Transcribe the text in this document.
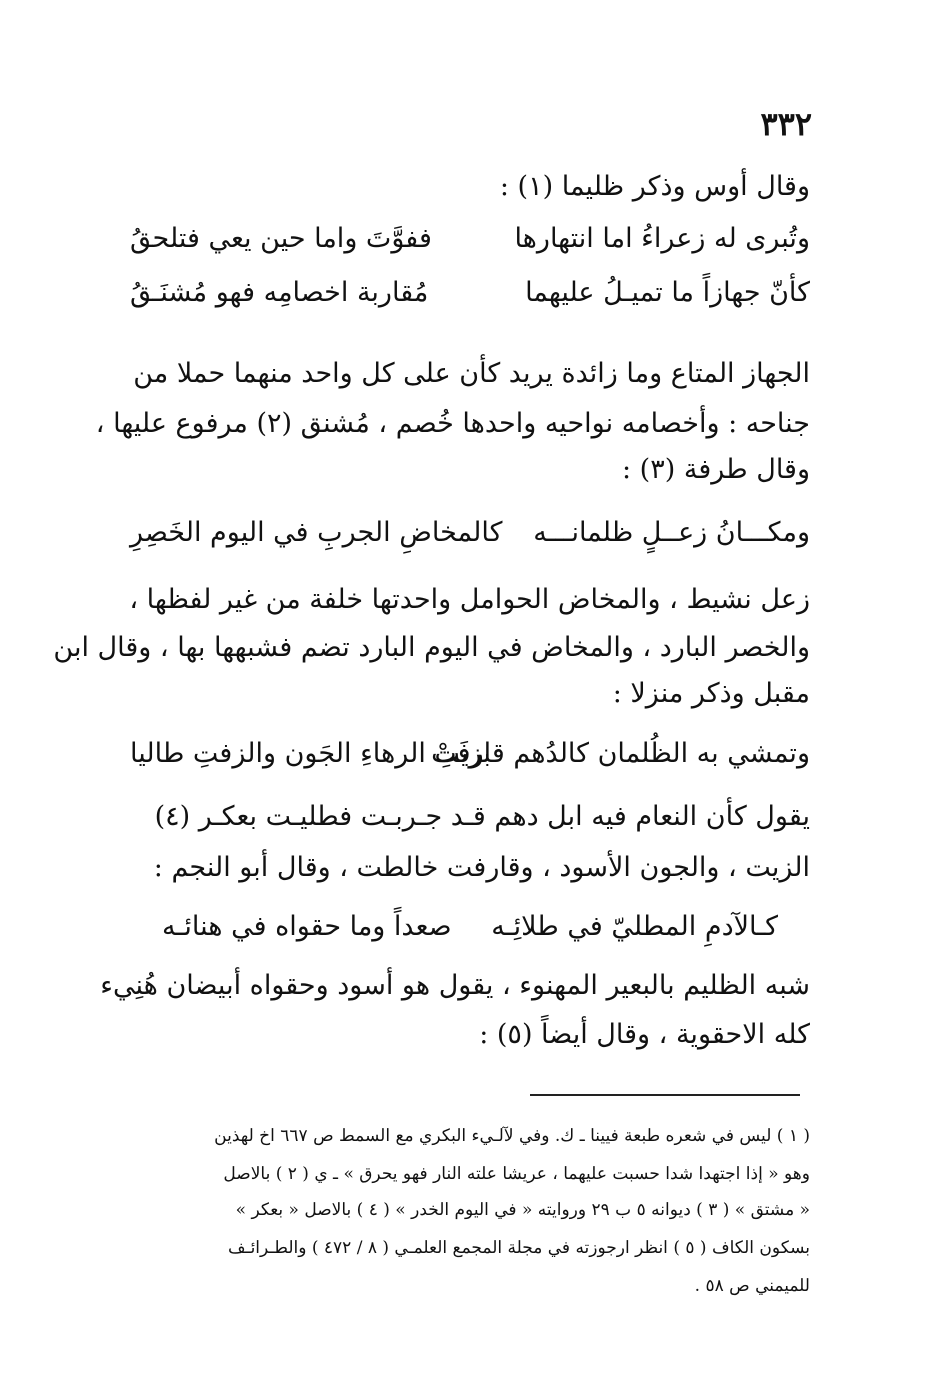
٣٣٢
وقال أوس وذكر ظليما (١) :
وتُبرى له زعراءُ اما انتهارها
ففوَّتَ واما حين يعي فتلحقُ
كأنّ جهازاً ما تميـلُ عليهما
مُقاربة اخصامِه فهو مُشنَـقُ
الجهاز المتاع وما زائدة يريد كأن على كل واحد منهما حملا من
جناحه : وأخصامه نواحيه واحدها خُصم ، مُشنق (٢) مرفوع عليها ،
وقال طرفة (٣) :
ومكـــانُ زعــلٍ ظلمانـــه
كالمخاضِ الجربِ في اليوم الخَصِرِ
زعل نشيط ، والمخاض الحوامل واحدتها خلفة من غير لفظها ،
والخصر البارد ، والمخاض في اليوم البارد تضم فشبهها بها ، وقال ابن
مقبل وذكر منزلا :
وتمشي به الظُلمان كالدُهم قارفَتْ
بزيتِ الرهاءِ الجَون والزفتِ طاليا
يقول كأن النعام فيه ابل دهم قـد جـربـت فطليـت بعكـر (٤)
الزيت ، والجون الأسود ، وقارفت خالطت ، وقال أبو النجم :
كـالآدمِ المطليّ في طلائِـه
صعداً وما حقواه في هنائـه
شبه الظليم بالبعير المهنوء ، يقول هو أسود وحقواه أبيضان هُنِيء
كله الاحقوية ، وقال أيضاً (٥) :
( ١ ) ليس في شعره طبعة فيينا ـ ك. وفي لآلـيء البكري مع السمط ص ٦٦٧ اخ لهذين
وهو « إذا اجتهدا شدا حسبت عليهما ، عريشا علته النار فهو يحرق » ـ ي ( ٢ ) بالاصل
« مشتق » ( ٣ ) ديوانه ٥ ب ٢٩ وروايته « في اليوم الخدر » ( ٤ ) بالاصل « بعكر »
بسكون الكاف ( ٥ ) انظر ارجوزته في مجلة المجمع العلمـي ( ٨ / ٤٧٢ ) والطـرائـف
للميمني ص ٥٨ .
